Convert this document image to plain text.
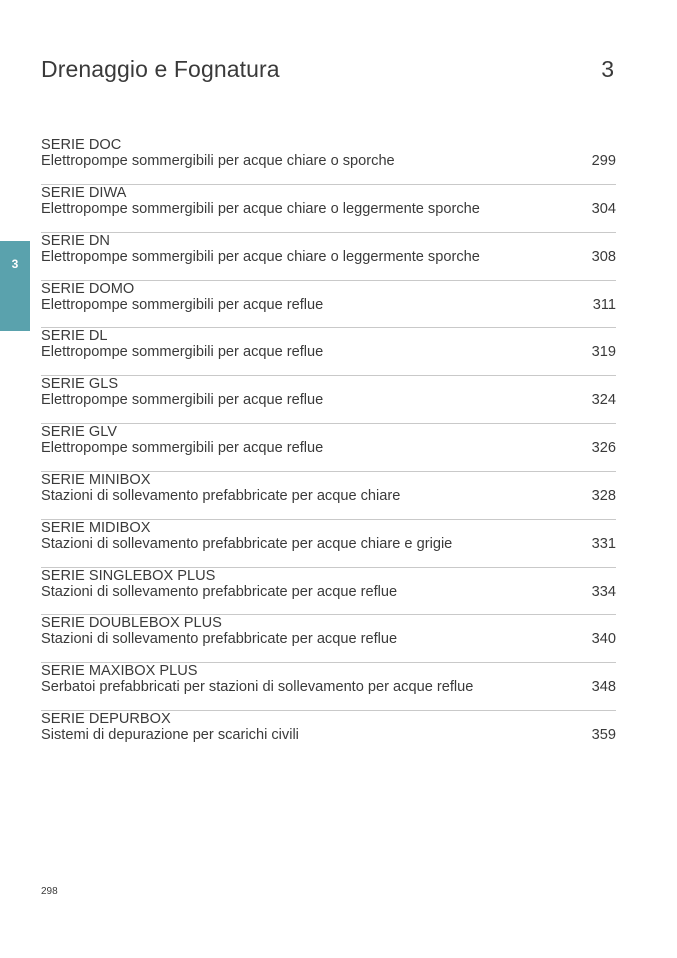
Drenaggio e Fognatura	3
3
SERIE DOC
Elettropompe sommergibili per acque chiare o sporche	299
SERIE DIWA
Elettropompe sommergibili per acque chiare o leggermente sporche	304
SERIE DN
Elettropompe sommergibili per acque chiare o leggermente sporche	308
SERIE DOMO
Elettropompe sommergibili per acque reflue	311
SERIE DL
Elettropompe sommergibili per acque reflue	319
SERIE GLS
Elettropompe sommergibili per acque reflue	324
SERIE GLV
Elettropompe sommergibili per acque reflue	326
SERIE MINIBOX
Stazioni di sollevamento prefabbricate per acque chiare	328
SERIE MIDIBOX
Stazioni di sollevamento prefabbricate per acque chiare e grigie	331
SERIE SINGLEBOX PLUS
Stazioni di sollevamento prefabbricate per acque reflue	334
SERIE DOUBLEBOX PLUS
Stazioni di sollevamento prefabbricate per acque reflue	340
SERIE MAXIBOX PLUS
Serbatoi prefabbricati per stazioni di sollevamento per acque reflue	348
SERIE DEPURBOX
Sistemi di depurazione per scarichi civili	359
298
